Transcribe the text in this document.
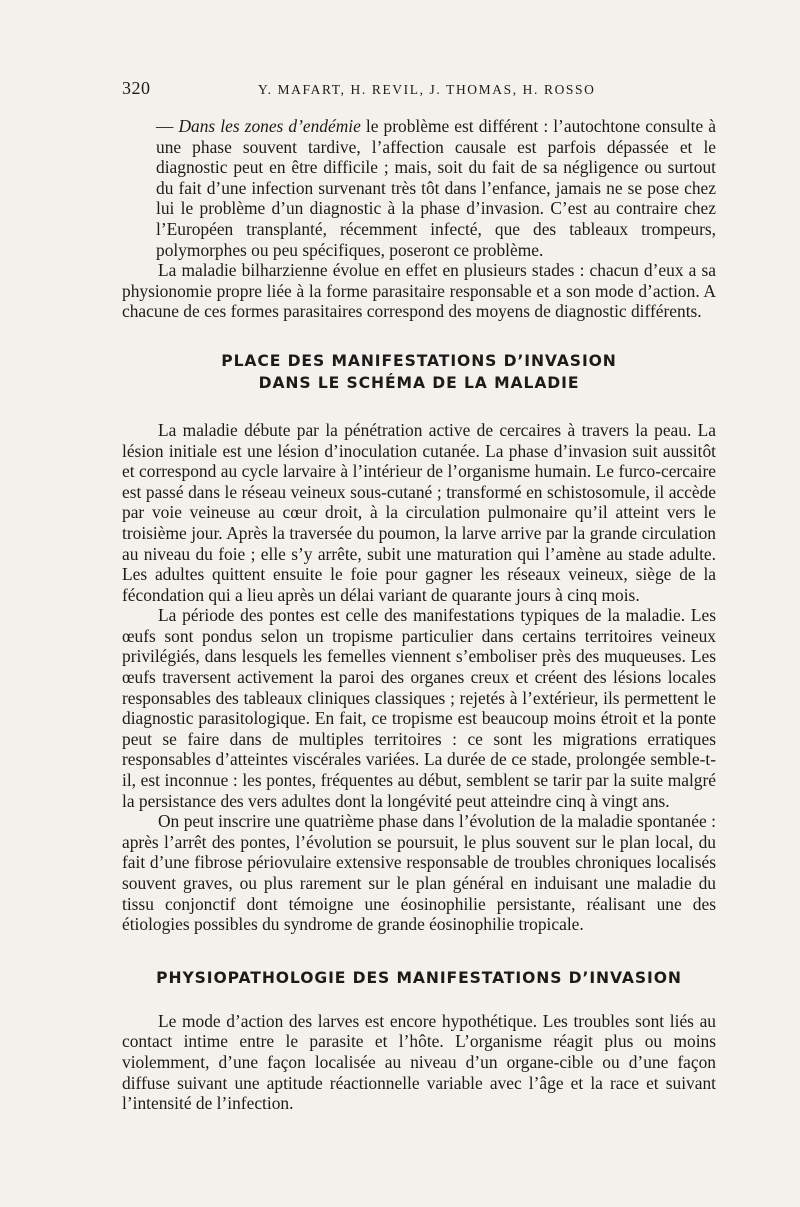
320	Y. MAFART, H. REVIL, J. THOMAS, H. ROSSO

— Dans les zones d’endémie le problème est différent : l’autochtone consulte à une phase souvent tardive, l’affection causale est parfois dépassée et le diagnostic peut en être difficile ; mais, soit du fait de sa négligence ou surtout du fait d’une infection survenant très tôt dans l’enfance, jamais ne se pose chez lui le problème d’un diagnostic à la phase d’invasion. C’est au contraire chez l’Européen transplanté, récemment infecté, que des tableaux trompeurs, polymorphes ou peu spécifiques, poseront ce problème.

La maladie bilharzienne évolue en effet en plusieurs stades : chacun d’eux a sa physionomie propre liée à la forme parasitaire responsable et a son mode d’action. A chacune de ces formes parasitaires correspond des moyens de diagnostic différents.

PLACE DES MANIFESTATIONS D’INVASION
DANS LE SCHÉMA DE LA MALADIE

La maladie débute par la pénétration active de cercaires à travers la peau. La lésion initiale est une lésion d’inoculation cutanée. La phase d’invasion suit aussitôt et correspond au cycle larvaire à l’intérieur de l’organisme humain. Le furco-cercaire est passé dans le réseau veineux sous-cutané ; transformé en schistosomule, il accède par voie veineuse au cœur droit, à la circulation pulmonaire qu’il atteint vers le troisième jour. Après la traversée du poumon, la larve arrive par la grande circulation au niveau du foie ; elle s’y arrête, subit une maturation qui l’amène au stade adulte. Les adultes quittent ensuite le foie pour gagner les réseaux veineux, siège de la fécondation qui a lieu après un délai variant de quarante jours à cinq mois.

La période des pontes est celle des manifestations typiques de la maladie. Les œufs sont pondus selon un tropisme particulier dans certains territoires veineux privilégiés, dans lesquels les femelles viennent s’emboliser près des muqueuses. Les œufs traversent activement la paroi des organes creux et créent des lésions locales responsables des tableaux cliniques classiques ; rejetés à l’extérieur, ils permettent le diagnostic parasitologique. En fait, ce tropisme est beaucoup moins étroit et la ponte peut se faire dans de multiples territoires : ce sont les migrations erratiques responsables d’atteintes viscérales variées. La durée de ce stade, prolongée semble-t-il, est inconnue : les pontes, fréquentes au début, semblent se tarir par la suite malgré la persistance des vers adultes dont la longévité peut atteindre cinq à vingt ans.

On peut inscrire une quatrième phase dans l’évolution de la maladie spontanée : après l’arrêt des pontes, l’évolution se poursuit, le plus souvent sur le plan local, du fait d’une fibrose périovulaire extensive responsable de troubles chroniques localisés souvent graves, ou plus rarement sur le plan général en induisant une maladie du tissu conjonctif dont témoigne une éosinophilie persistante, réalisant une des étiologies possibles du syndrome de grande éosinophilie tropicale.

PHYSIOPATHOLOGIE DES MANIFESTATIONS D’INVASION

Le mode d’action des larves est encore hypothétique. Les troubles sont liés au contact intime entre le parasite et l’hôte. L’organisme réagit plus ou moins violemment, d’une façon localisée au niveau d’un organe-cible ou d’une façon diffuse suivant une aptitude réactionnelle variable avec l’âge et la race et suivant l’intensité de l’infection.
